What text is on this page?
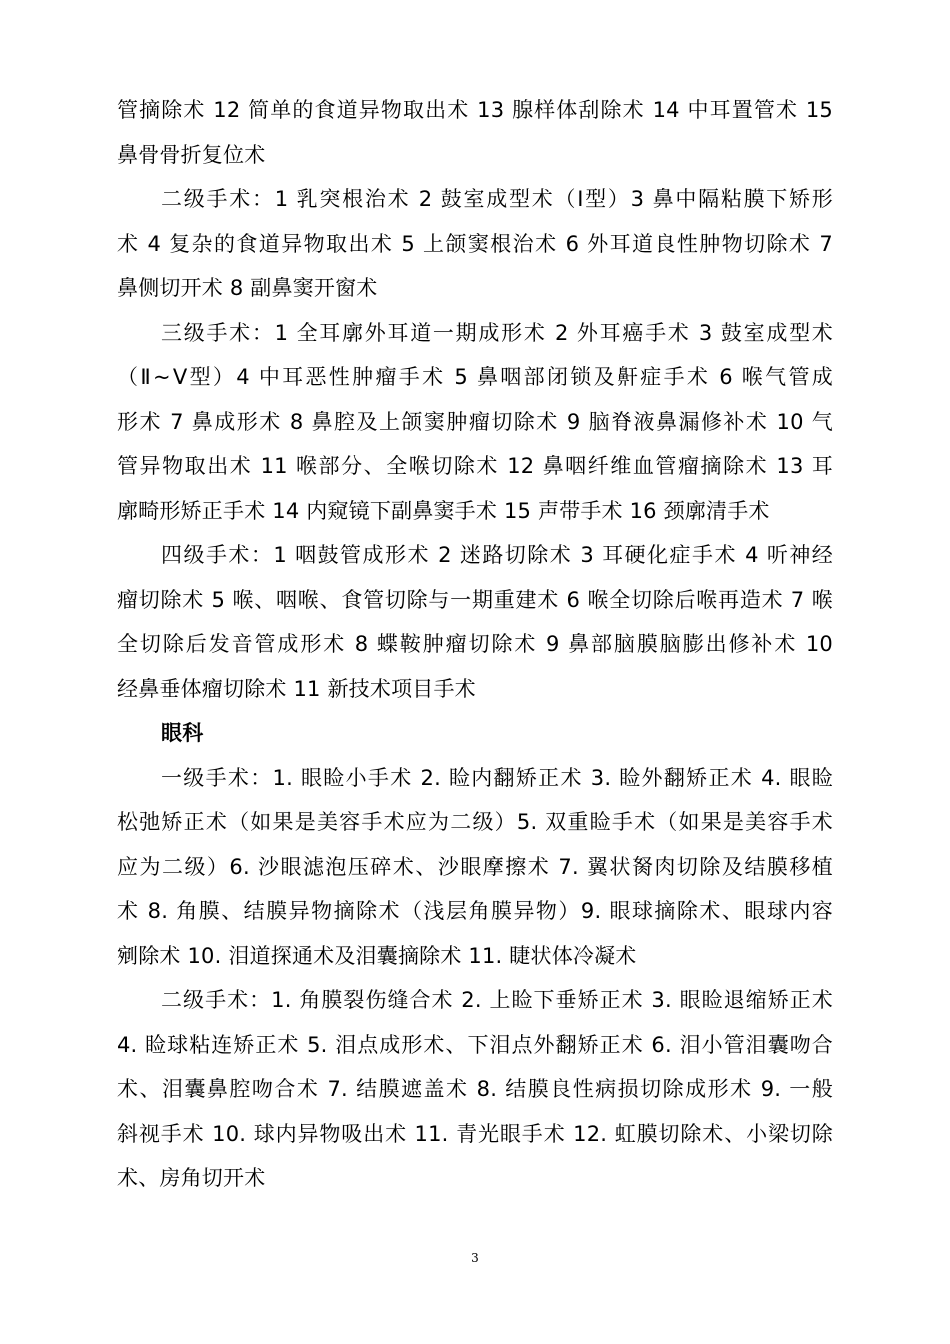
管摘除术 12 简单的食道异物取出术 13 腺样体刮除术 14 中耳置管术 15
鼻骨骨折复位术
二级手术：1 乳突根治术 2 鼓室成型术（I型）3 鼻中隔粘膜下矫形
术 4 复杂的食道异物取出术 5 上颌窦根治术 6 外耳道良性肿物切除术 7
鼻侧切开术 8 副鼻窦开窗术
三级手术：1 全耳廓外耳道一期成形术 2 外耳癌手术 3 鼓室成型术
（Ⅱ~Ⅴ型）4 中耳恶性肿瘤手术 5 鼻咽部闭锁及鼾症手术 6 喉气管成
形术 7 鼻成形术 8 鼻腔及上颌窦肿瘤切除术 9 脑脊液鼻漏修补术 10 气
管异物取出术 11 喉部分、全喉切除术 12 鼻咽纤维血管瘤摘除术 13 耳
廓畸形矫正手术 14 内窥镜下副鼻窦手术 15 声带手术 16 颈廓清手术
四级手术：1 咽鼓管成形术 2 迷路切除术 3 耳硬化症手术 4 听神经
瘤切除术 5 喉、咽喉、食管切除与一期重建术 6 喉全切除后喉再造术 7 喉
全切除后发音管成形术 8 蝶鞍肿瘤切除术 9 鼻部脑膜脑膨出修补术 10
经鼻垂体瘤切除术 11 新技术项目手术
眼科
一级手术：1. 眼睑小手术 2. 睑内翻矫正术 3. 睑外翻矫正术 4. 眼睑
松弛矫正术（如果是美容手术应为二级）5. 双重睑手术（如果是美容手术
应为二级）6. 沙眼滤泡压碎术、沙眼摩擦术 7. 翼状胬肉切除及结膜移植
术 8. 角膜、结膜异物摘除术（浅层角膜异物）9. 眼球摘除术、眼球内容
剜除术 10. 泪道探通术及泪囊摘除术 11. 睫状体冷凝术
二级手术：1. 角膜裂伤缝合术 2. 上睑下垂矫正术 3. 眼睑退缩矫正术
4. 睑球粘连矫正术 5. 泪点成形术、下泪点外翻矫正术 6. 泪小管泪囊吻合
术、泪囊鼻腔吻合术 7. 结膜遮盖术 8. 结膜良性病损切除成形术 9. 一般
斜视手术 10. 球内异物吸出术 11. 青光眼手术 12. 虹膜切除术、小梁切除
术、房角切开术
3
